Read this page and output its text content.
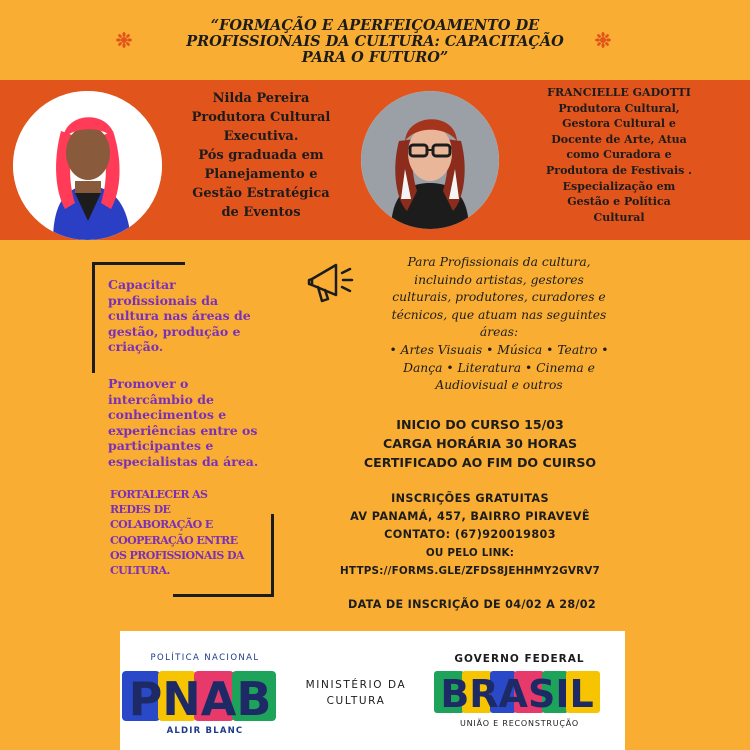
“FORMAÇÃO E APERFEIÇOAMENTO DE
PROFISSIONAIS DA CULTURA: CAPACITAÇÃO
PARA O FUTURO”
Nilda Pereira
Produtora Cultural
Executiva.
Pós graduada em
Planejamento e
Gestão Estratégica
de Eventos
FRANCIELLE GADOTTI
Produtora Cultural,
Gestora Cultural e
Docente de Arte, Atua
como Curadora e
Produtora de Festivais .
Especialização em
Gestão e Política
Cultural
Capacitar
profissionais da
cultura nas áreas de
gestão, produção e
criação.
Promover o
intercâmbio de
conhecimentos e
experiências entre os
participantes e
especialistas da área.
FORTALECER AS
REDES DE
COLABORAÇÃO E
COOPERAÇÃO ENTRE
OS PROFISSIONAIS DA
CULTURA.
Para Profissionais da cultura,
incluindo artistas, gestores
culturais, produtores, curadores e
técnicos, que atuam nas seguintes
áreas:
• Artes Visuais • Música • Teatro •
Dança • Literatura • Cinema e
Audiovisual e outros
INICIO DO CURSO 15/03
CARGA HORÁRIA 30 HORAS
CERTIFICADO AO FIM DO CUIRSO
INSCRIÇÕES GRATUITAS
AV PANAMÁ, 457, BAIRRO PIRAVEVÊ
CONTATO: (67)920019803
OU PELO LINK:
HTTPS://FORMS.GLE/ZFDS8JEHHMY2GVRV7
DATA DE INSCRIÇÃO DE 04/02 A 28/02
POLÍTICA NACIONAL
PNAB
ALDIR BLANC
MINISTÉRIO DA
CULTURA
GOVERNO FEDERAL
BRASIL
UNIÃO E RECONSTRUÇÃO
